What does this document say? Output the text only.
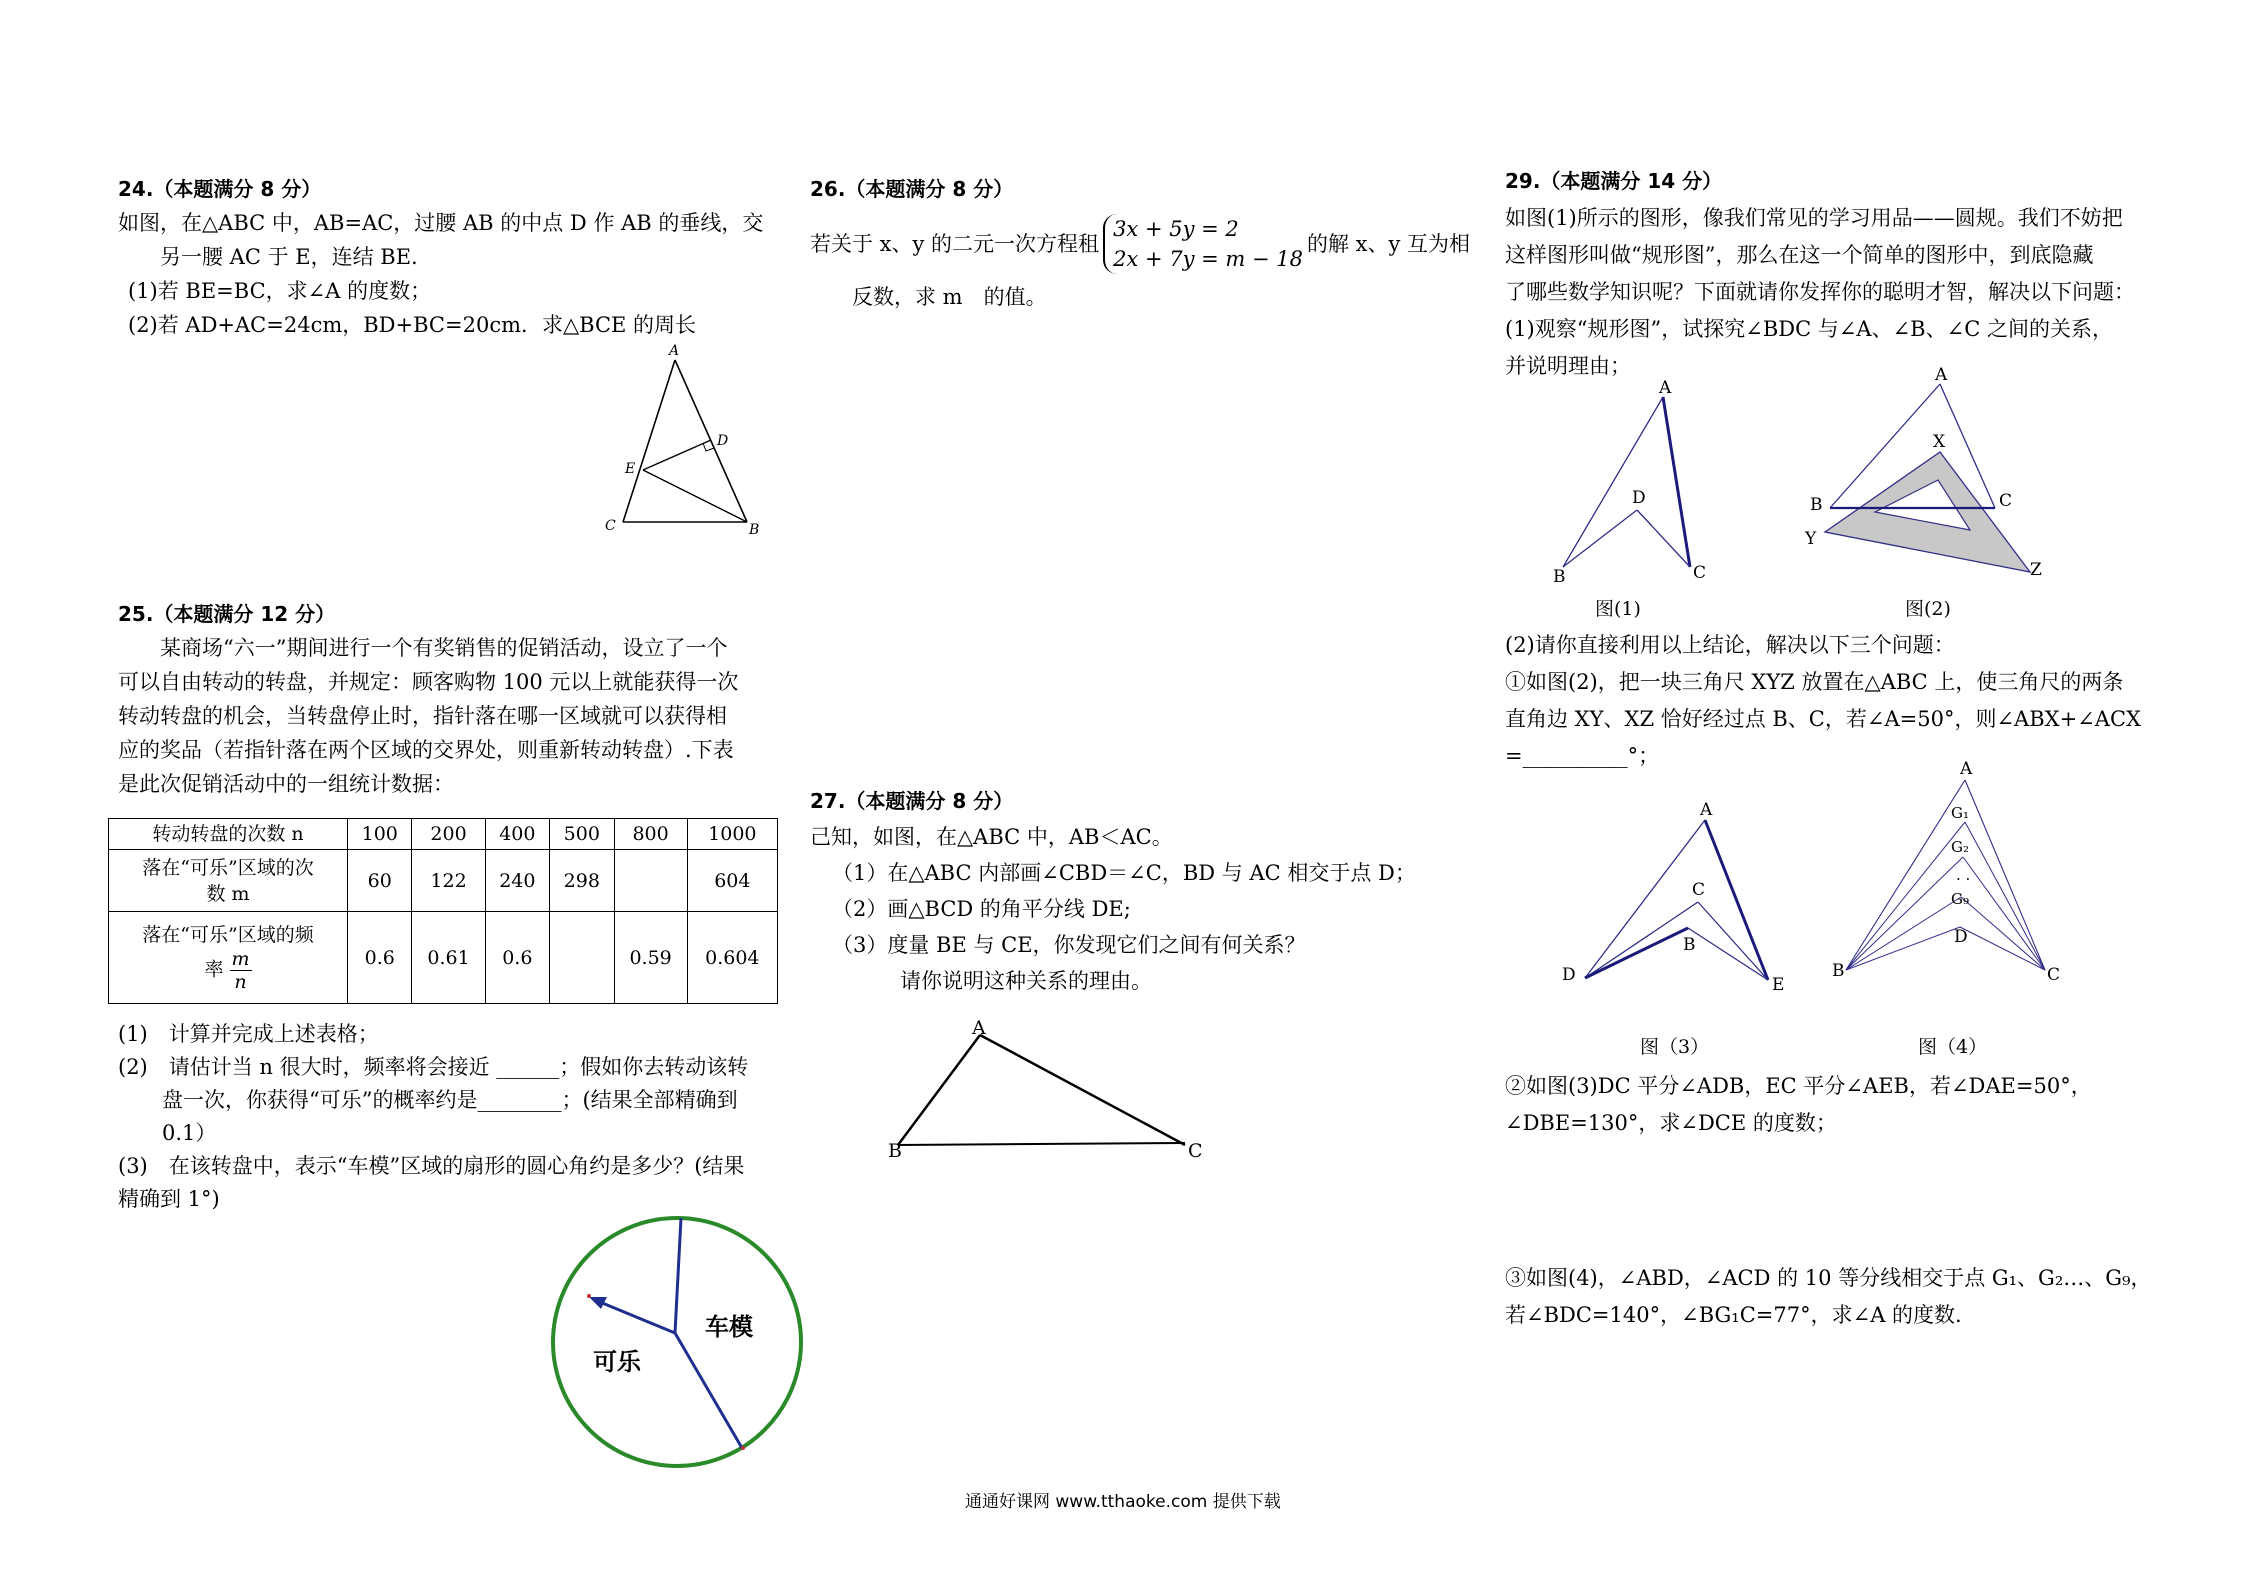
24.（本题满分 8 分）

如图，在△ABC 中，AB=AC，过腰 AB 的中点 D 作 AB 的垂线，交

另一腰 AC 于 E，连结 BE.

(1)若 BE=BC，求∠A 的度数；

(2)若 AD+AC=24cm，BD+BC=20cm．求△BCE 的周长

A
D
E
C	B

25.（本题满分 12 分）

某商场“六一”期间进行一个有奖销售的促销活动，设立了一个

可以自由转动的转盘，并规定：顾客购物 100 元以上就能获得一次

转动转盘的机会，当转盘停止时，指针落在哪一区域就可以获得相

应的奖品（若指针落在两个区域的交界处，则重新转动转盘）.下表

是此次促销活动中的一组统计数据：

转动转盘的次数 n	100	200	400	500	800	1000
落在“可乐”区域的次
数 m	60	122	240	298		604
落在“可乐”区域的频
率 $\frac{m}{n}$	0.6	0.61	0.6		0.59	0.604

(1)　计算并完成上述表格；

(2)　请估计当 n 很大时，频率将会接近 ______；假如你去转动该转

盘一次，你获得“可乐”的概率约是________；(结果全部精确到

0.1）

(3)　在该转盘中，表示“车模”区域的扇形的圆心角约是多少？(结果

精确到 1°)

车模
可乐

26.（本题满分 8 分）

若关于 x、y 的二元一次方程租
3x + 5y = 2
2x + 7y = m − 18
的解 x、y 互为相

反数，求 m　的值。

27.（本题满分 8 分）

己知，如图，在△ABC 中，AB＜AC。

（1）在△ABC 内部画∠CBD＝∠C，BD 与 AC 相交于点 D；

（2）画△BCD 的角平分线 DE;

（3）度量 BE 与 CE，你发现它们之间有何关系？

请你说明这种关系的理由。

A
B	C

29.（本题满分 14 分）

如图(1)所示的图形，像我们常见的学习用品——圆规。我们不妨把

这样图形叫做“规形图”，那么在这一个简单的图形中，到底隐藏

了哪些数学知识呢？下面就请你发挥你的聪明才智，解决以下问题：

(1)观察“规形图”，试探究∠BDC 与∠A、∠B、∠C 之间的关系，

并说明理由；

A
D
B	C
A
X
B	C
Y
Z
图(1)	图(2)

(2)请你直接利用以上结论，解决以下三个问题：

①如图(2)，把一块三角尺 XYZ 放置在△ABC 上，使三角尺的两条

直角边 XY、XZ 恰好经过点 B、C，若∠A=50°，则∠ABX+∠ACX

=__________°；

A
C
B
D	E
A
G₁
G₂
· ·
G₉
D
B	C
图（3）	图（4）

②如图(3)DC 平分∠ADB，EC 平分∠AEB，若∠DAE=50°，

∠DBE=130°，求∠DCE 的度数；

③如图(4)，∠ABD，∠ACD 的 10 等分线相交于点 G₁、G₂…、G₉，

若∠BDC=140°，∠BG₁C=77°，求∠A 的度数.

通通好课网 www.tthaoke.com 提供下载
